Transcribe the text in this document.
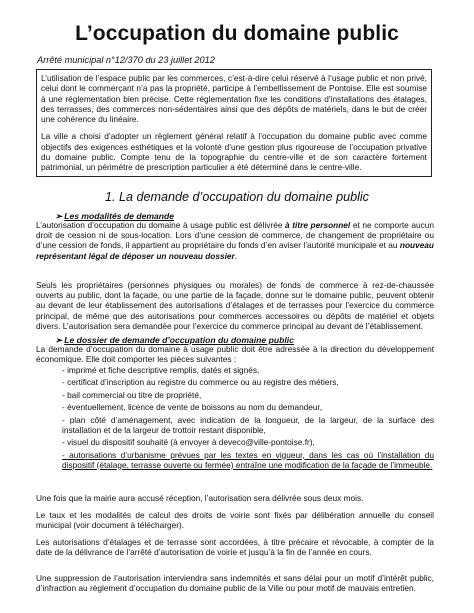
L’occupation du domaine public
Arrêté municipal n°12/370 du 23 juillet 2012

L’utilisation de l’espace public par les commerces, c’est-à-dire celui réservé à l’usage public et non privé, celui dont le commerçant n’a pas la propriété, participe à l’embellissement de Pontoise. Elle est soumise à une réglementation bien précise. Cette réglementation fixe les conditions d’installations des étalages, des terrasses, des commerces non-sédentaires ainsi que des dépôts de matériels, dans le but de créer une cohérence du linéaire.

La ville a choisi d’adopter un règlement général relatif à l’occupation du domaine public avec comme objectifs des exigences esthétiques et la volonté d’une gestion plus rigoureuse de l’occupation privative du domaine public. Compte tenu de la topographie du centre-ville et de son caractère fortement patrimonial, un périmètre de prescription particulier a été déterminé dans le centre-ville.

1. La demande d’occupation du domaine public
➢ Les modalités de demande

L’autorisation d’occupation du domaine à usage public est délivrée à titre personnel et ne comporte aucun droit de cession ni de sous-location. Lors d’une cession de commerce, de changement de propriétaire ou d’une cession de fonds, il appartient au propriétaire du fonds d’en aviser l’autorité municipale et au nouveau représentant légal de déposer un nouveau dossier.

Seuls les propriétaires (personnes physiques ou morales) de fonds de commerce à rez-de-chaussée ouverts au public, dont la façade, ou une partie de la façade, donne sur le domaine public, peuvent obtenir au devant de leur établissement des autorisations d’étalages et de terrasses pour l’exercice du commerce principal, de même que des autorisations pour commerces accessoires ou dépôts de matériel et objets divers. L’autorisation sera demandée pour l’exercice du commerce principal au devant de l’établissement.

➢ Le dossier de demande d’occupation du domaine public

La demande d’occupation du domaine à usage public doit être adressée à la direction du développement économique. Elle doit comporter les pièces suivantes :

- imprimé et fiche descriptive remplis, datés et signés,
- certificat d’inscription au registre du commerce ou au registre des métiers,
- bail commercial ou titre de propriété,
- éventuellement, licence de vente de boissons au nom du demandeur,
- plan côté d’aménagement, avec indication de la longueur, de la largeur, de la surface des installation et de la largeur de trottoir restant disponible,
- visuel du dispositif souhaité (à envoyer à deveco@ville-pontoise.fr),
- autorisations d’urbanisme prévues par les textes en vigueur, dans les cas où l’installation du dispositif (étalage, terrasse ouverte ou fermée) entraîne une modification de la façade de l’immeuble.

Une fois que la mairie aura accusé réception, l’autorisation sera délivrée sous deux mois.

Le taux et les modalités de calcul des droits de voirie sont fixés par délibération annuelle du conseil municipal (voir document à télécharger).

Les autorisations d’étalages et de terrasse sont accordées, à titre précaire et révocable, à compter de la date de la délivrance de l’arrêté d’autorisation de voirie et jusqu’à la fin de l’année en cours.

Une suppression de l’autorisation interviendra sans indemnités et sans délai pour un motif d’intérêt public, d’infraction au règlement d’occupation du domaine public de la Ville ou pour motif de mauvais entretien.
